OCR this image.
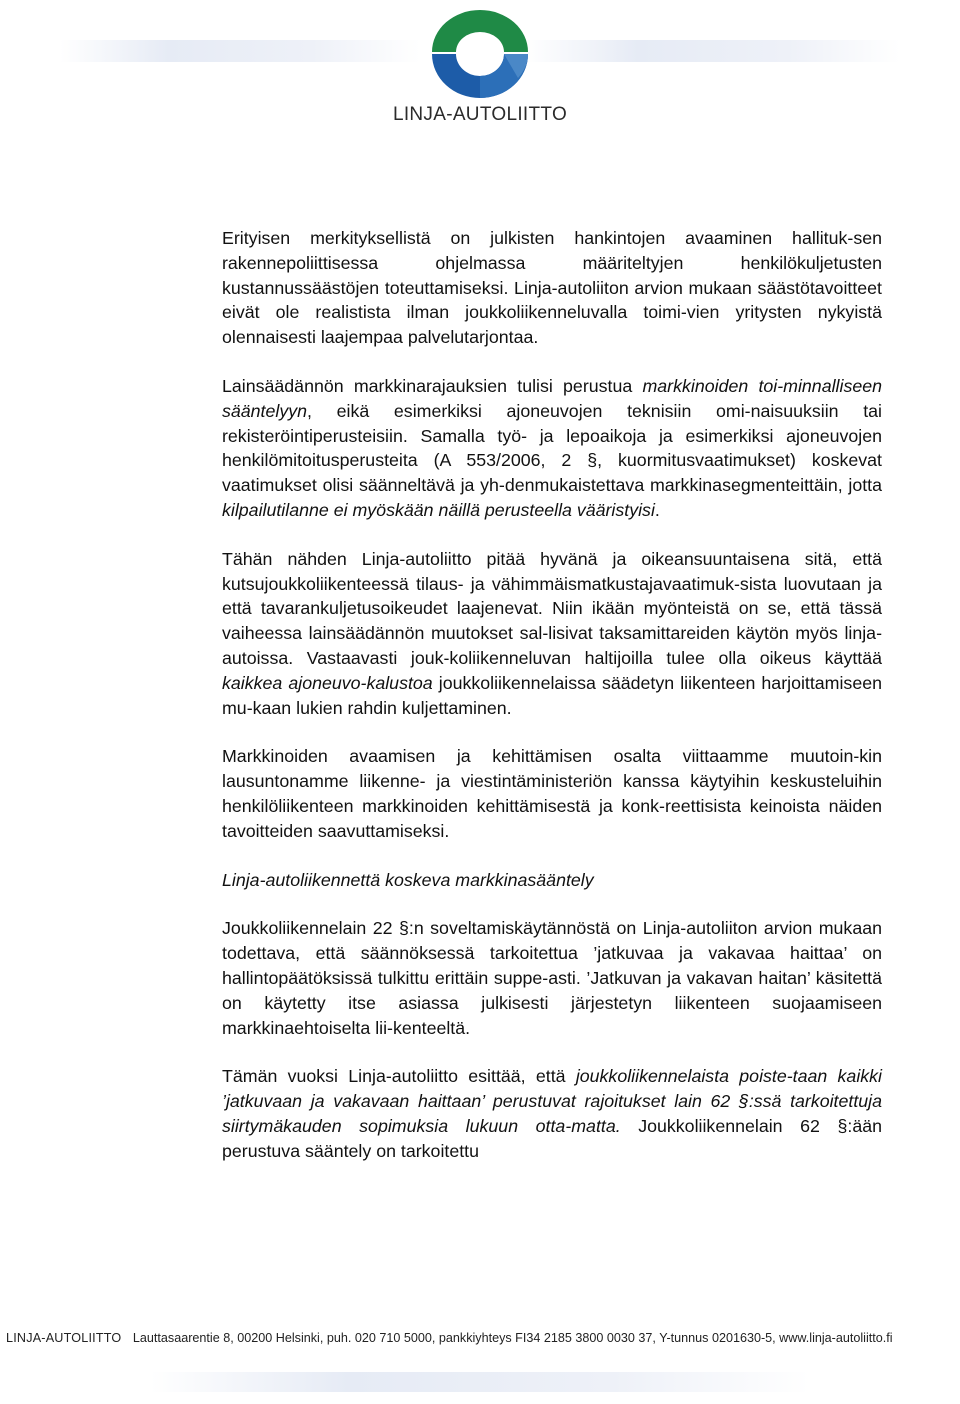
LINJA-AUTOLIITTO

Erityisen merkityksellistä on julkisten hankintojen avaaminen hallituk-sen rakennepoliittisessa ohjelmassa määriteltyjen henkilökuljetusten kustannussäästöjen toteuttamiseksi. Linja-autoliiton arvion mukaan säästötavoitteet eivät ole realistista ilman joukkoliikenneluvalla toimi-vien yritysten nykyistä olennaisesti laajempaa palvelutarjontaa.

Lainsäädännön markkinarajauksien tulisi perustua markkinoiden toi-minnalliseen sääntelyyn, eikä esimerkiksi ajoneuvojen teknisiin omi-naisuuksiin tai rekisteröintiperusteisiin. Samalla työ- ja lepoaikoja ja esimerkiksi ajoneuvojen henkilömitoitusperusteita (A 553/2006, 2 §, kuormitusvaatimukset) koskevat vaatimukset olisi säänneltävä ja yh-denmukaistettava markkinasegmenteittäin, jotta kilpailutilanne ei myöskään näillä perusteella vääristyisi.

Tähän nähden Linja-autoliitto pitää hyvänä ja oikeansuuntaisena sitä, että kutsujoukkoliikenteessä tilaus- ja vähimmäismatkustajavaatimuk-sista luovutaan ja että tavarankuljetusoikeudet laajenevat. Niin ikään myönteistä on se, että tässä vaiheessa lainsäädännön muutokset sal-lisivat taksamittareiden käytön myös linja-autoissa. Vastaavasti jouk-koliikenneluvan haltijoilla tulee olla oikeus käyttää kaikkea ajoneuvo-kalustoa joukkoliikennelaissa säädetyn liikenteen harjoittamiseen mu-kaan lukien rahdin kuljettaminen.

Markkinoiden avaamisen ja kehittämisen osalta viittaamme muutoin-kin lausuntonamme liikenne- ja viestintäministeriön kanssa käytyihin keskusteluihin henkilöliikenteen markkinoiden kehittämisestä ja konk-reettisista keinoista näiden tavoitteiden saavuttamiseksi.

Linja-autoliikennettä koskeva markkinasääntely

Joukkoliikennelain 22 §:n soveltamiskäytännöstä on Linja-autoliiton arvion mukaan todettava, että säännöksessä tarkoitettua ’jatkuvaa ja vakavaa haittaa’ on hallintopäätöksissä tulkittu erittäin suppe-asti. ’Jatkuvan ja vakavan haitan’ käsitettä on käytetty itse asiassa julkisesti järjestetyn liikenteen suojaamiseen markkinaehtoiselta lii-kenteeltä.

Tämän vuoksi Linja-autoliitto esittää, että joukkoliikennelaista poiste-taan kaikki ’jatkuvaan ja vakavaan haittaan’ perustuvat rajoitukset lain 62 §:ssä tarkoitettuja siirtymäkauden sopimuksia lukuun otta-matta. Joukkoliikennelain 62 §:ään perustuva sääntely on tarkoitettu

LINJA-AUTOLIITTO Lauttasaarentie 8, 00200 Helsinki, puh. 020 710 5000, pankkiyhteys FI34 2185 3800 0030 37, Y-tunnus 0201630-5, www.linja-autoliitto.fi
